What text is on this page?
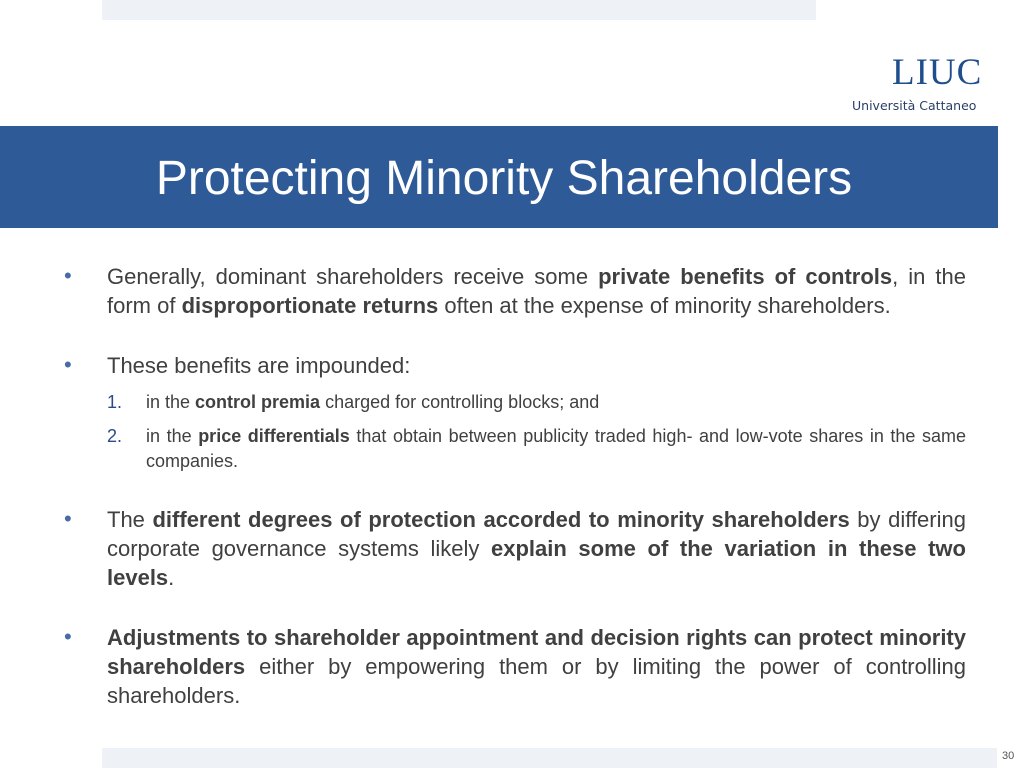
LIUC
Università Cattaneo
Protecting Minority Shareholders
• Generally, dominant shareholders receive some private benefits of controls, in the form of disproportionate returns often at the expense of minority shareholders.
• These benefits are impounded:
1. in the control premia charged for controlling blocks; and
2. in the price differentials that obtain between publicity traded high- and low-vote shares in the same companies.
• The different degrees of protection accorded to minority shareholders by differing corporate governance systems likely explain some of the variation in these two levels.
• Adjustments to shareholder appointment and decision rights can protect minority shareholders either by empowering them or by limiting the power of controlling shareholders.
30
